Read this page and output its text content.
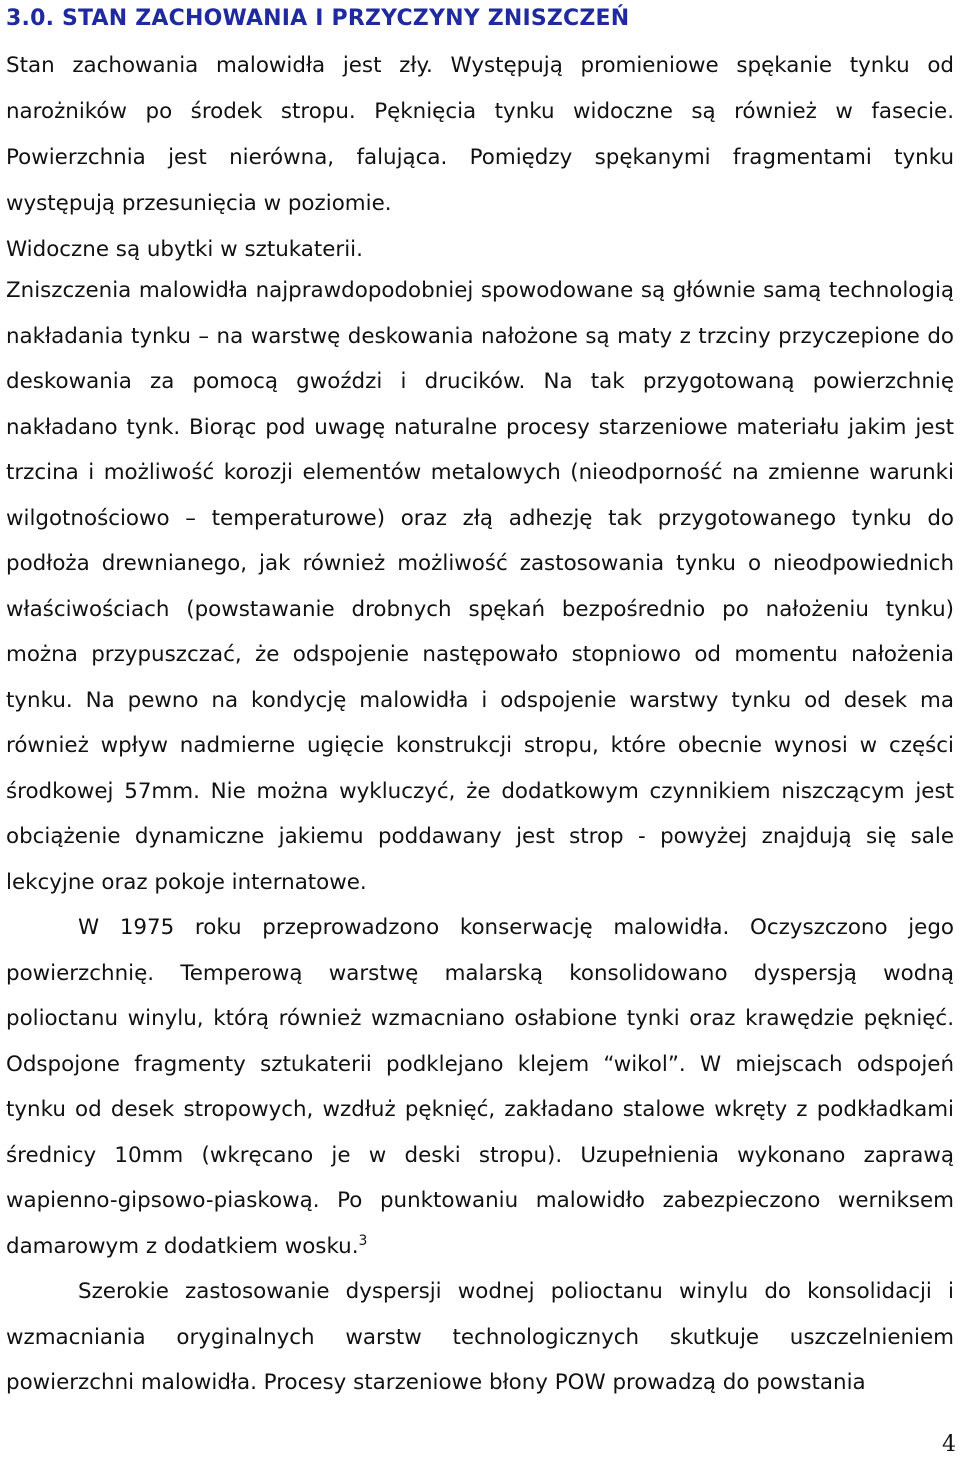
3.0. STAN ZACHOWANIA I PRZYCZYNY ZNISZCZEŃ

Stan zachowania malowidła jest zły. Występują promieniowe spękanie tynku od narożników po środek stropu. Pęknięcia tynku widoczne są również w fasecie. Powierzchnia jest nierówna, falująca. Pomiędzy spękanymi fragmentami tynku występują przesunięcia w poziomie.

Widoczne są ubytki w sztukaterii.

Zniszczenia malowidła najprawdopodobniej spowodowane są głównie samą technologią nakładania tynku – na warstwę deskowania nałożone są maty z trzciny przyczepione do deskowania za pomocą gwoździ i drucików. Na tak przygotowaną powierzchnię nakładano tynk. Biorąc pod uwagę naturalne procesy starzeniowe materiału jakim jest trzcina i możliwość korozji elementów metalowych (nieodporność na zmienne warunki wilgotnościowo – temperaturowe) oraz złą adhezję tak przygotowanego tynku do podłoża drewnianego, jak również możliwość zastosowania tynku o nieodpowiednich właściwościach (powstawanie drobnych spękań bezpośrednio po nałożeniu tynku) można przypuszczać, że odspojenie następowało stopniowo od momentu nałożenia tynku. Na pewno na kondycję malowidła i odspojenie warstwy tynku od desek ma również wpływ nadmierne ugięcie konstrukcji stropu, które obecnie wynosi w części środkowej 57mm. Nie można wykluczyć, że dodatkowym czynnikiem niszczącym jest obciążenie dynamiczne jakiemu poddawany jest strop - powyżej znajdują się sale lekcyjne oraz pokoje internatowe.

W 1975 roku przeprowadzono konserwację malowidła. Oczyszczono jego powierzchnię. Temperową warstwę malarską konsolidowano dyspersją wodną polioctanu winylu, którą również wzmacniano osłabione tynki oraz krawędzie pęknięć. Odspojone fragmenty sztukaterii podklejano klejem “wikol”. W miejscach odspojeń tynku od desek stropowych, wzdłuż pęknięć, zakładano stalowe wkręty z podkładkami średnicy 10mm (wkręcano je w deski stropu). Uzupełnienia wykonano zaprawą wapienno-gipsowo-piaskową. Po punktowaniu malowidło zabezpieczono werniksem damarowym z dodatkiem wosku.$^3$

Szerokie zastosowanie dyspersji wodnej polioctanu winylu do konsolidacji i wzmacniania oryginalnych warstw technologicznych skutkuje uszczelnieniem powierzchni malowidła. Procesy starzeniowe błony POW prowadzą do powstania

4
